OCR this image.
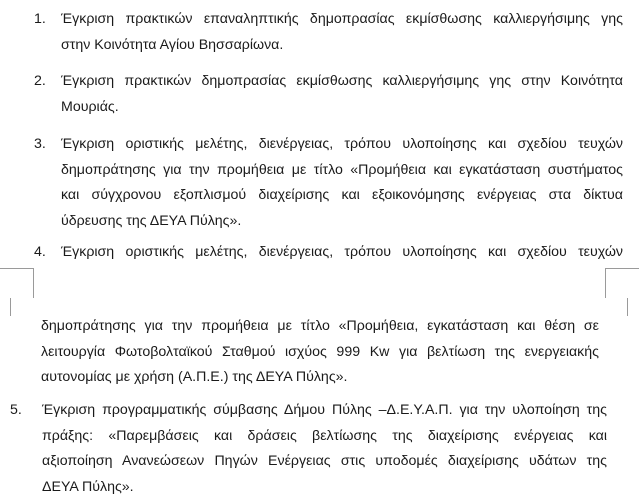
1. Έγκριση πρακτικών επαναληπτικής δημοπρασίας εκμίσθωσης καλλιεργήσιμης γης
στην Κοινότητα Αγίου Βησσαρίωνα.
2. Έγκριση πρακτικών δημοπρασίας εκμίσθωσης καλλιεργήσιμης γης στην Κοινότητα
Μουριάς.
3. Έγκριση οριστικής μελέτης, διενέργειας, τρόπου υλοποίησης και σχεδίου τευχών
δημοπράτησης για την προμήθεια με τίτλο «Προμήθεια και εγκατάσταση συστήματος
και σύγχρονου εξοπλισμού διαχείρισης και εξοικονόμησης ενέργειας στα δίκτυα
ύδρευσης της ΔΕΥΑ Πύλης».
4. Έγκριση οριστικής μελέτης, διενέργειας, τρόπου υλοποίησης και σχεδίου τευχών
δημοπράτησης για την προμήθεια με τίτλο «Προμήθεια, εγκατάσταση και θέση σε
λειτουργία Φωτοβολταϊκού Σταθμού ισχύος 999 Kw για βελτίωση της ενεργειακής
αυτονομίας με χρήση (Α.Π.Ε.) της ΔΕΥΑ Πύλης».
5. Έγκριση προγραμματικής σύμβασης Δήμου Πύλης –Δ.Ε.Υ.Α.Π. για την υλοποίηση της
πράξης: «Παρεμβάσεις και δράσεις βελτίωσης της διαχείρισης ενέργειας και
αξιοποίηση Ανανεώσεων Πηγών Ενέργειας στις υποδομές διαχείρισης υδάτων της
ΔΕΥΑ Πύλης».
